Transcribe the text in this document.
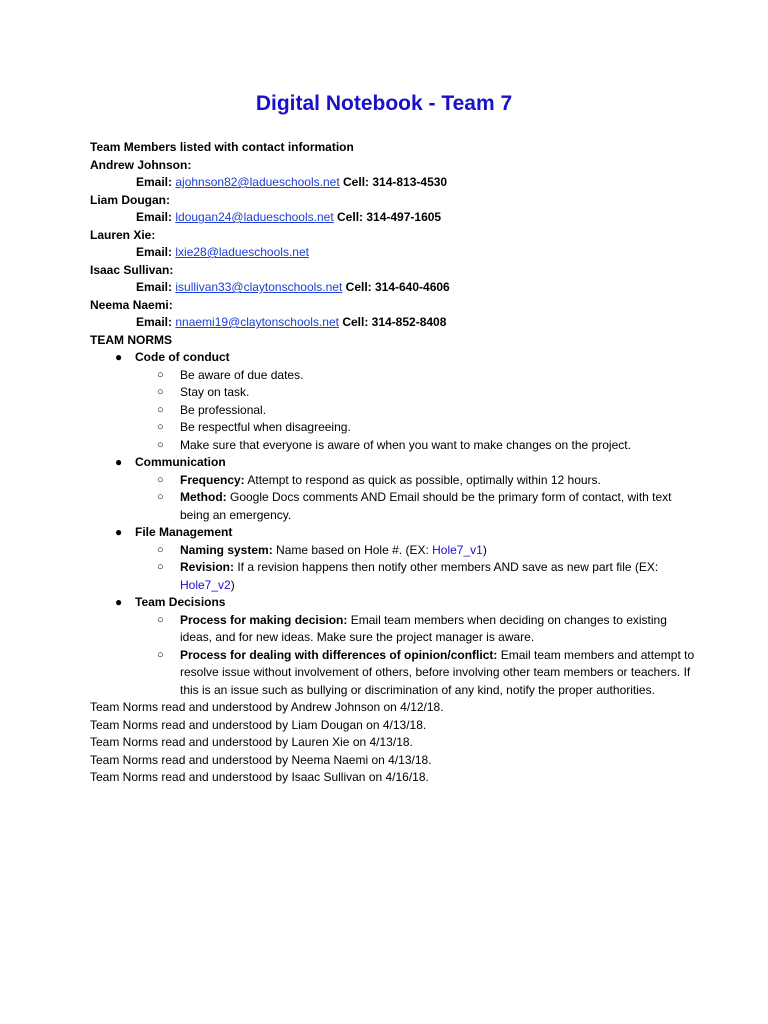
Digital Notebook - Team 7
Team Members listed with contact information
Andrew Johnson:
Email: ajohnson82@ladueschools.net Cell: 314-813-4530
Liam Dougan:
Email: ldougan24@ladueschools.net Cell: 314-497-1605
Lauren Xie:
Email: lxie28@ladueschools.net
Isaac Sullivan:
Email: isullivan33@claytonschools.net Cell: 314-640-4606
Neema Naemi:
Email: nnaemi19@claytonschools.net Cell: 314-852-8408
TEAM NORMS
● Code of conduct
○ Be aware of due dates.
○ Stay on task.
○ Be professional.
○ Be respectful when disagreeing.
○ Make sure that everyone is aware of when you want to make changes on the project.
● Communication
○ Frequency: Attempt to respond as quick as possible, optimally within 12 hours.
○ Method: Google Docs comments AND Email should be the primary form of contact, with text being an emergency.
● File Management
○ Naming system: Name based on Hole #. (EX: Hole7_v1)
○ Revision: If a revision happens then notify other members AND save as new part file (EX: Hole7_v2)
● Team Decisions
○ Process for making decision: Email team members when deciding on changes to existing ideas, and for new ideas. Make sure the project manager is aware.
○ Process for dealing with differences of opinion/conflict: Email team members and attempt to resolve issue without involvement of others, before involving other team members or teachers. If this is an issue such as bullying or discrimination of any kind, notify the proper authorities.
Team Norms read and understood by Andrew Johnson on 4/12/18.
Team Norms read and understood by Liam Dougan on 4/13/18.
Team Norms read and understood by Lauren Xie on 4/13/18.
Team Norms read and understood by Neema Naemi on 4/13/18.
Team Norms read and understood by Isaac Sullivan on 4/16/18.
